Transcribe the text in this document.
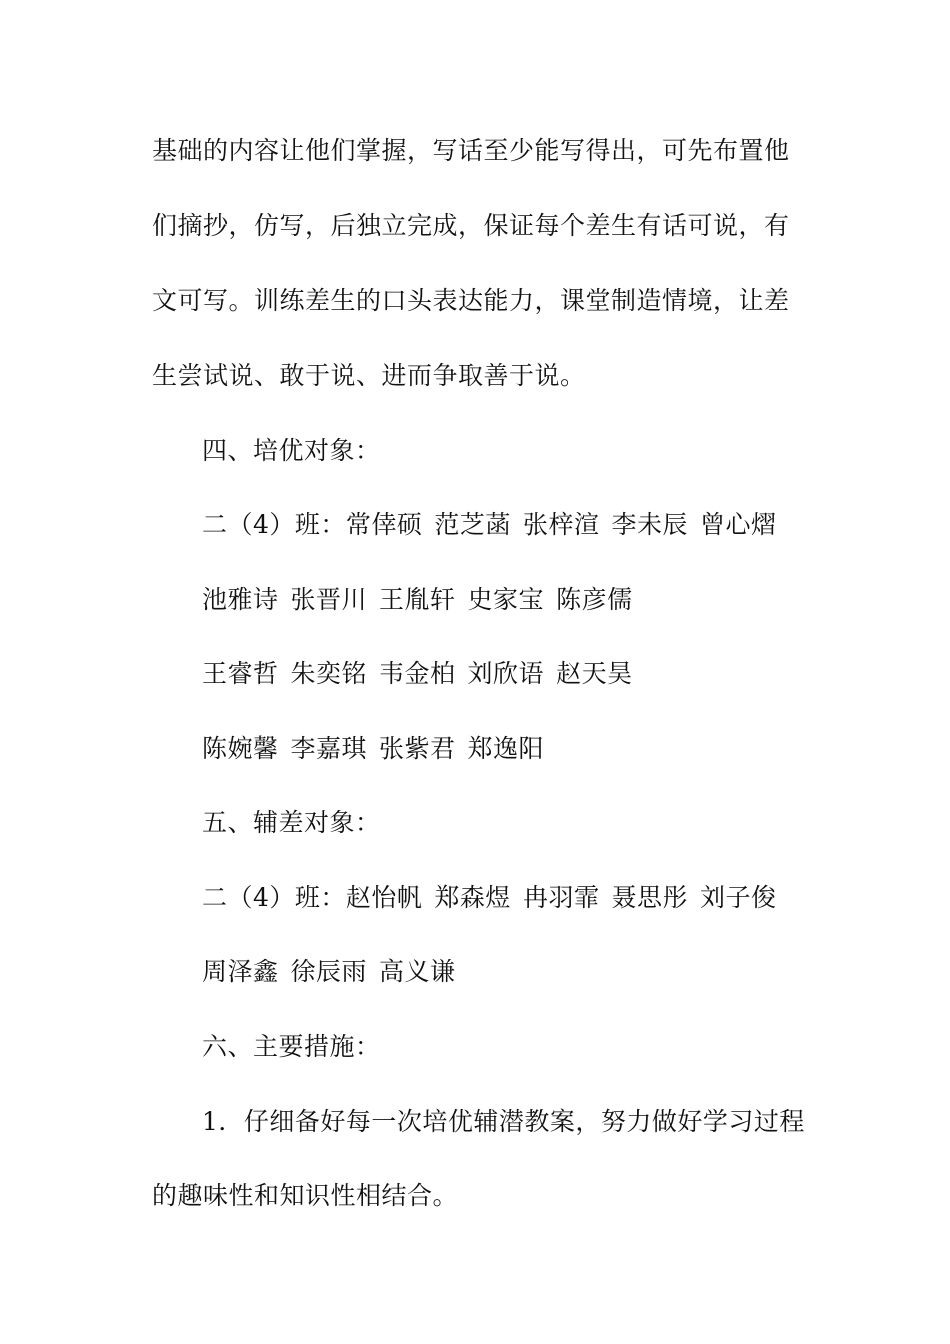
基础的内容让他们掌握，写话至少能写得出，可先布置他
们摘抄，仿写，后独立完成，保证每个差生有话可说，有
文可写。训练差生的口头表达能力，课堂制造情境，让差
生尝试说、敢于说、进而争取善于说。
四、培优对象：
二（4）班：常倖硕 范芝菡 张梓渲 李未辰 曾心熠
池雅诗 张晋川 王胤轩 史家宝 陈彦儒
王睿哲 朱奕铭 韦金柏 刘欣语 赵天昊
陈婉馨 李嘉琪 张紫君 郑逸阳
五、辅差对象：
二（4）班：赵怡帆 郑森煜 冉羽霏 聂思彤 刘子俊
周泽鑫 徐辰雨 高义谦
六、主要措施：
1．仔细备好每一次培优辅潜教案，努力做好学习过程
的趣味性和知识性相结合。
